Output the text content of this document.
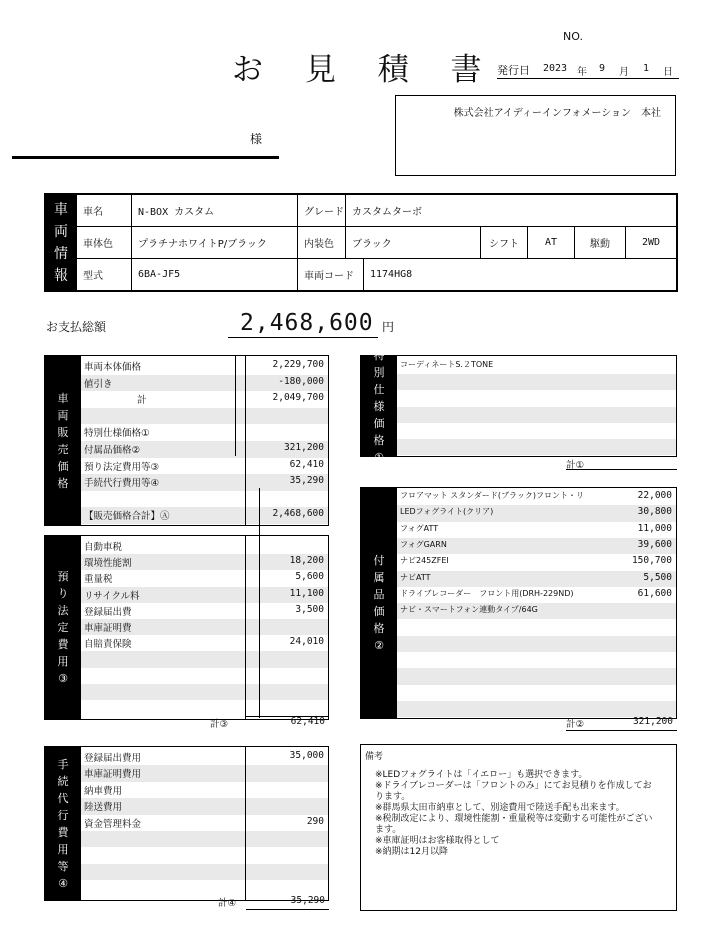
NO.
お 見 積 書 発行日 2023 年 9 月 1 日
株式会社アイディーインフォメーション　本社
様
車
両
情
報
車名	N-BOX カスタム	グレード カスタムターボ
車体色	プラチナホワイトP/ブラック	内装色	ブラック	シフト	AT	駆動	2WD
型式	6BA-JF5	車両コード	1174HG8
お支払総額	2,468,600 円
車
両
販
売
価
格
車両本体価格	2,229,700
値引き	-180,000
計	2,049,700
特別仕様価格①
付属品価格②	321,200
預り法定費用等③	62,410
手続代行費用等④	35,290
【販売価格合計】Ⓐ	2,468,600
預
り
法
定
費
用
③
自動車税
環境性能割	18,200
重量税	5,600
リサイクル料	11,100
登録届出費	3,500
車庫証明費
自賠責保険	24,010
手
続
代
行
費
用
等
④
登録届出費用	35,000
車庫証明費用
納車費用
陸送費用
資金管理料金	290
特
別
仕
様
価
格
①
コーディネートS.２TONE
付
属
品
価
格
②
フロアマット スタンダード(ブラック)フロント・リ	22,000
LEDフォグライト(クリア)	30,800
フォグATT	11,000
フォグGARN	39,600
ナビ245ZFEI	150,700
ナビATT	5,500
ドライブレコーダー　フロント用(DRH-229ND)	61,600
ナビ・スマートフォン連動タイプ/64G
備考
※LEDフォグライトは「イエロー」も選択できます。
※ドライブレコーダーは「フロントのみ」にてお見積りを作成してお
ります。
※群馬県太田市納車として、別途費用で陸送手配も出来ます。
※税制改定により、環境性能割・重量税等は変動する可能性がござい
ます。
※車庫証明はお客様取得として
※納期は12月以降
計③	62,410
計④	35,290
計①
計②	321,200
